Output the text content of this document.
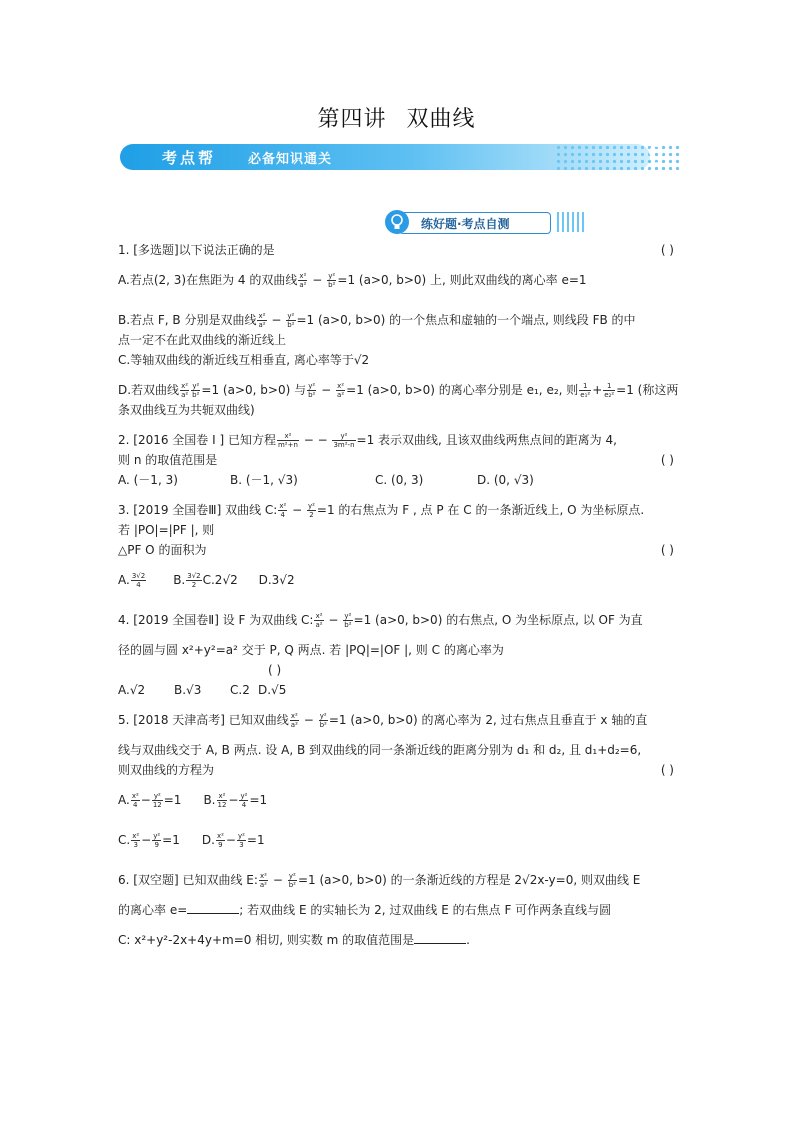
第四讲 双曲线
考点帮 必备知识通关
练好题·考点自测
1. [多选题]以下说法正确的是	( )
A.若点(2, 3)在焦距为 4 的双曲线 $\frac{\text{x²}}{\text{a²}} - \frac{\text{y²}}{\text{b²}} =1$ (a>0, b>0) 上, 则此双曲线的离心率 e=1
B.若点 F, B 分别是双曲线 $\frac{\text{x²}}{\text{a²}} - \frac{\text{y²}}{\text{b²}} =1$ (a>0, b>0) 的一个焦点和虚轴的一个端点, 则线段 FB 的中
点一定不在此双曲线的渐近线上
C.等轴双曲线的渐近线互相垂直, 离心率等于√2
D.若双曲线 $\frac{\text{x²}}{\text{a²}} \frac{\text{y²}}{\text{b²}} =1$ (a>0, b>0) 与 $\frac{\text{y²}}{\text{b²}} - \frac{\text{x²}}{\text{a²}} =1$ (a>0, b>0) 的离心率分别是 e₁, e₂, 则 $\frac{1}{\text{e₁²}} + \frac{1}{\text{e₂²}} =1$ (称这两
条双曲线互为共轭双曲线)
2. [2016 全国卷 I ] 已知方程 $\frac{\text{x²}}{\text{m²+n}}$ − − $\frac{\text{y²}}{\text{3m²-n}} =1$ 表示双曲线, 且该双曲线两焦点间的距离为 4,
则 n 的取值范围是	( )
A. (－1, 3)	B. (－1, √3)	C. (0, 3)	D. (0, √3)
3. [2019 全国卷Ⅲ] 双曲线 C: $\frac{\text{x²}}{4} - \frac{\text{y²}}{2} =1$ 的右焦点为 F , 点 P 在 C 的一条渐近线上, O 为坐标原点.
若 |PO|=|PF |, 则
△PF O 的面积为	( )
A. $\frac{3√2}{4} B$. $\frac{3√2}{2} C.2√2$ D.3√2
4. [2019 全国卷Ⅱ] 设 F 为双曲线 C: $\frac{\text{x²}}{\text{a²}} - \frac{\text{y²}}{\text{b²}} =1$ (a>0, b>0) 的右焦点, O 为坐标原点, 以 OF 为直
径的圆与圆 x²+y²=a² 交于 P, Q 两点. 若 |PQ|=|OF |, 则 C 的离心率为
( )
A.√2 B.√3 C.2 D.√5
5. [2018 天津高考] 已知双曲线 $\frac{\text{x²}}{\text{a²}} - \frac{\text{y²}}{\text{b²}} =1$ (a>0, b>0) 的离心率为 2, 过右焦点且垂直于 x 轴的直
线与双曲线交于 A, B 两点. 设 A, B 到双曲线的同一条渐近线的距离分别为 d₁ 和 d₂, 且 d₁+d₂=6,
则双曲线的方程为	( )
A. $\frac{\text{x²}}{4} - \frac{\text{y²}}{12} =1$ B. $\frac{\text{x²}}{12} - \frac{\text{y²}}{4} =1$
C. $\frac{\text{x²}}{3} - \frac{\text{y²}}{9} =1$ D. $\frac{\text{x²}}{9} - \frac{\text{y²}}{3} =1$
6. [双空题] 已知双曲线 E: $\frac{\text{x²}}{\text{a²}} - \frac{\text{y²}}{\text{b²}} =1$ (a>0, b>0) 的一条渐近线的方程是 2√2x-y=0, 则双曲线 E
的离心率 e=	; 若双曲线 E 的实轴长为 2, 过双曲线 E 的右焦点 F 可作两条直线与圆
C: x²+y²-2x+4y+m=0 相切, 则实数 m 的取值范围是	.
